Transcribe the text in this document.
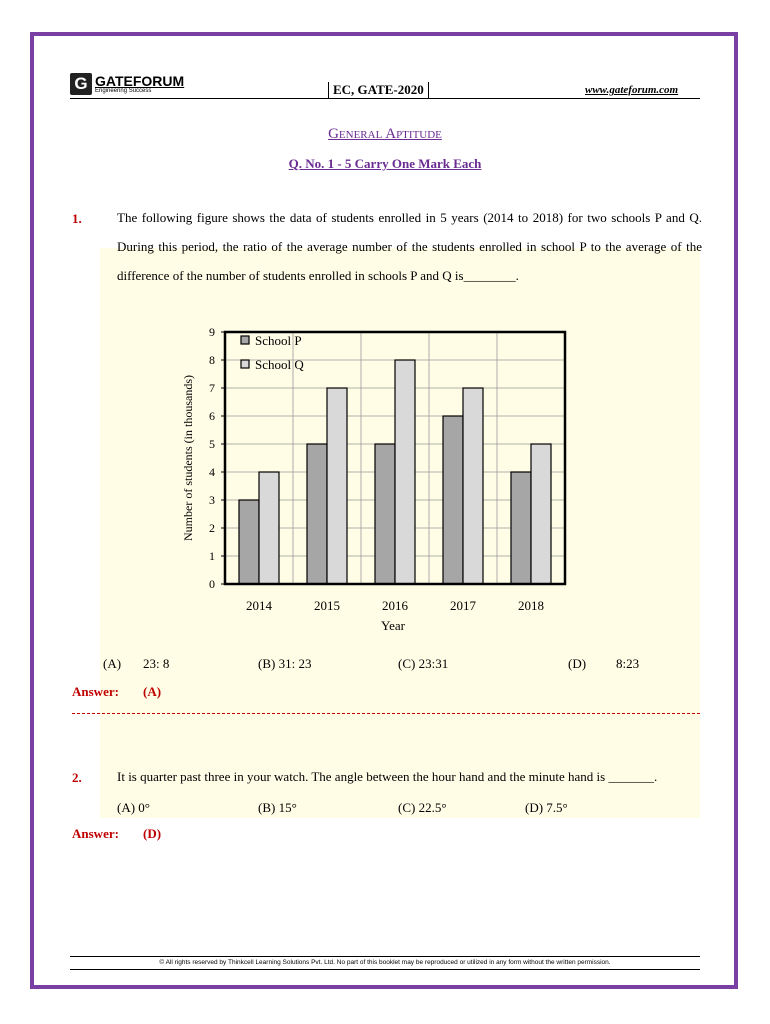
G GATEFORUM
Engineering Success	EC, GATE-2020	www.gateforum.com
General Aptitude
Q. No. 1 - 5 Carry One Mark Each
1.	The following figure shows the data of students enrolled in 5 years (2014 to 2018) for two schools P and Q. During this period, the ratio of the average number of the students enrolled in school P to the average of the difference of the number of students enrolled in schools P and Q is________.
0
1
2
3
4
5
6
7
8
9
2014	2015	2016	2017	2018
School P
School Q
Number of students (in thousands)
Year
(A) 23: 8	(B) 31: 23	(C) 23:31	(D) 8:23
Answer: (A)
2.	It is quarter past three in your watch. The angle between the hour hand and the minute hand is _______.
(A) 0°	(B) 15°	(C) 22.5°	(D) 7.5°
Answer: (D)
© All rights reserved by Thinkcell Learning Solutions Pvt. Ltd. No part of this booklet may be reproduced or utilized in any form without the written permission.
